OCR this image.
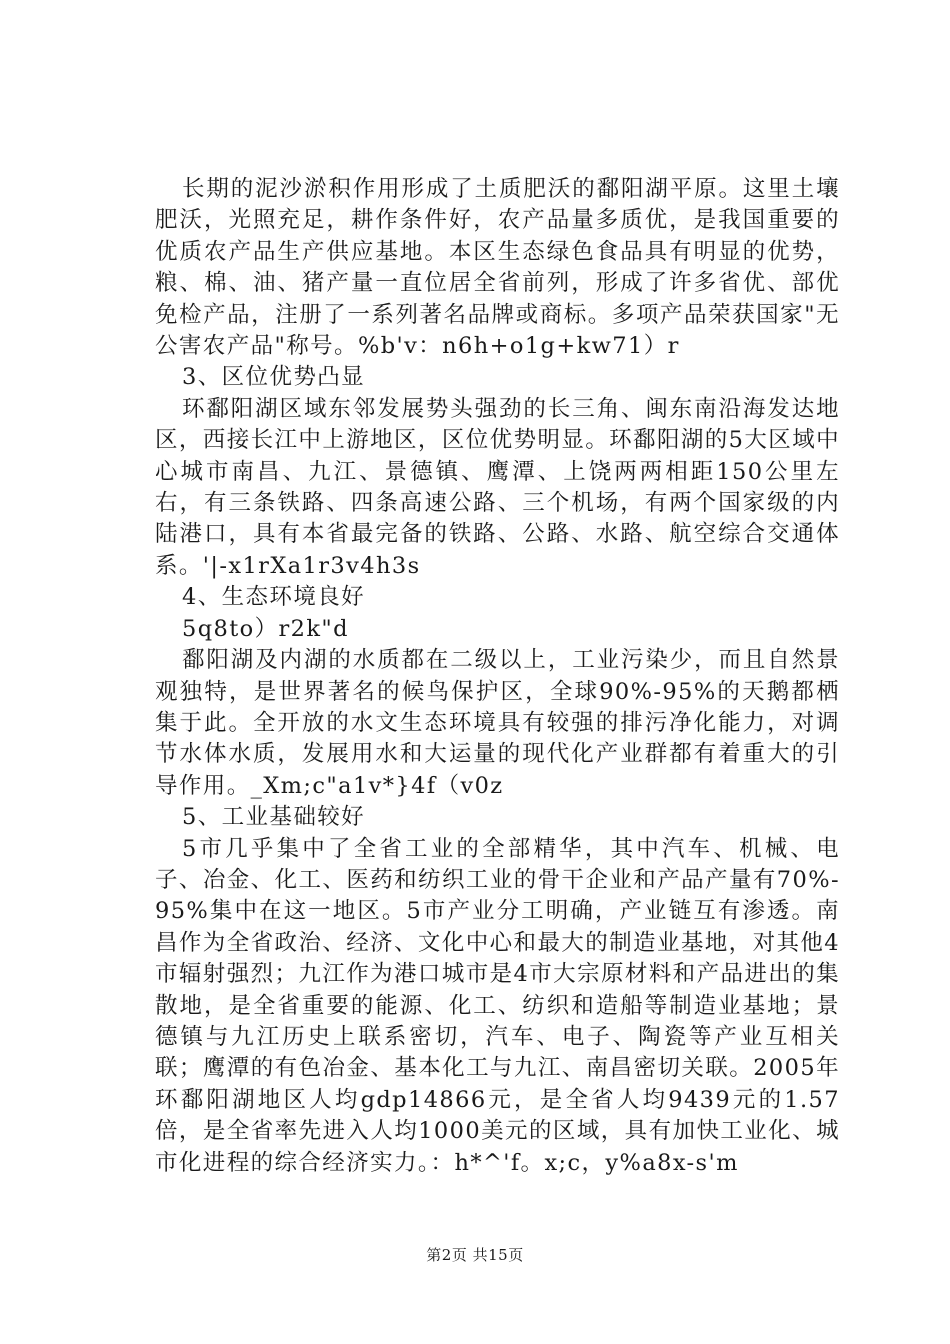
长期的泥沙淤积作用形成了土质肥沃的鄱阳湖平原。这里土壤肥沃，光照充足，耕作条件好，农产品量多质优，是我国重要的优质农产品生产供应基地。本区生态绿色食品具有明显的优势，粮、棉、油、猪产量一直位居全省前列，形成了许多省优、部优免检产品，注册了一系列著名品牌或商标。多项产品荣获国家"无公害农产品"称号。%b'v：n6h+o1g+kw71）r

3、区位优势凸显

环鄱阳湖区域东邻发展势头强劲的长三角、闽东南沿海发达地区，西接长江中上游地区，区位优势明显。环鄱阳湖的5大区域中心城市南昌、九江、景德镇、鹰潭、上饶两两相距150公里左右，有三条铁路、四条高速公路、三个机场，有两个国家级的内陆港口，具有本省最完备的铁路、公路、水路、航空综合交通体系。'|-x1rXa1r3v4h3s

4、生态环境良好

5q8to）r2k"d

鄱阳湖及内湖的水质都在二级以上，工业污染少，而且自然景观独特，是世界著名的候鸟保护区，全球90%-95%的天鹅都栖集于此。全开放的水文生态环境具有较强的排污净化能力，对调节水体水质，发展用水和大运量的现代化产业群都有着重大的引导作用。_Xm;c"a1v*}4f（v0z

5、工业基础较好

5市几乎集中了全省工业的全部精华，其中汽车、机械、电子、冶金、化工、医药和纺织工业的骨干企业和产品产量有70%-95%集中在这一地区。5市产业分工明确，产业链互有渗透。南昌作为全省政治、经济、文化中心和最大的制造业基地，对其他4市辐射强烈；九江作为港口城市是4市大宗原材料和产品进出的集散地，是全省重要的能源、化工、纺织和造船等制造业基地；景德镇与九江历史上联系密切，汽车、电子、陶瓷等产业互相关联；鹰潭的有色冶金、基本化工与九江、南昌密切关联。2005年环鄱阳湖地区人均gdp14866元，是全省人均9439元的1.57倍，是全省率先进入人均1000美元的区域，具有加快工业化、城市化进程的综合经济实力。：h*^'f。x;c，y%a8x-s'm

第2页 共15页
